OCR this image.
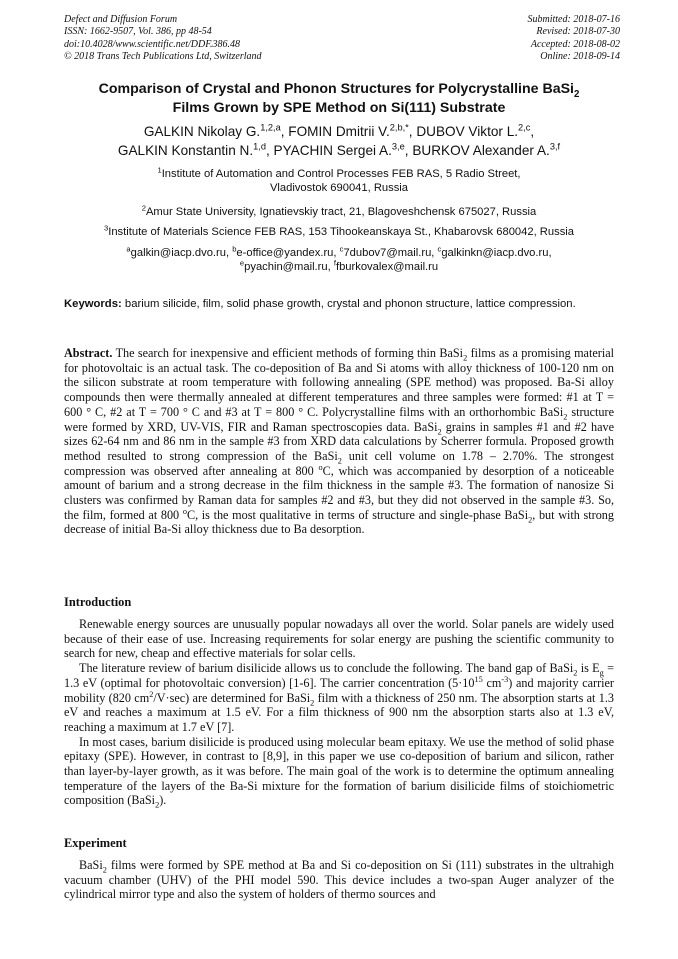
Defect and Diffusion Forum
ISSN: 1662-9507, Vol. 386, pp 48-54
doi:10.4028/www.scientific.net/DDF.386.48
© 2018 Trans Tech Publications Ltd, Switzerland
Submitted: 2018-07-16
Revised: 2018-07-30
Accepted: 2018-08-02
Online: 2018-09-14
Comparison of Crystal and Phonon Structures for Polycrystalline BaSi$_2$
Films Grown by SPE Method on Si(111) Substrate
GALKIN Nikolay G.$^{1,2,a}$, FOMIN Dmitrii V.$^{2,b,*}$, DUBOV Viktor L.$^{2,c}$,
GALKIN Konstantin N.$^{1,d}$, PYACHIN Sergei A.$^{3,e}$, BURKOV Alexander A.$^{3,f}$
$^1$Institute of Automation and Control Processes FEB RAS, 5 Radio Street,
Vladivostok 690041, Russia
$^2$Amur State University, Ignatievskiy tract, 21, Blagoveshchensk 675027, Russia
$^3$Institute of Materials Science FEB RAS, 153 Tihookeanskaya St., Khabarovsk 680042, Russia
$^a$galkin@iacp.dvo.ru, $^b$e-office@yandex.ru, $^c$7dubov7@mail.ru, $^c$galkinkn@iacp.dvo.ru,
$^e$pyachin@mail.ru, $^f$fburkovalex@mail.ru
Keywords: barium silicide, film, solid phase growth, crystal and phonon structure, lattice compression.

Abstract. The search for inexpensive and efficient methods of forming thin BaSi$_2$ films as a promising material for photovoltaic is an actual task. The co-deposition of Ba and Si atoms with alloy thickness of 100-120 nm on the silicon substrate at room temperature with following annealing (SPE method) was proposed. Ba-Si alloy compounds then were thermally annealed at different temperatures and three samples were formed: #1 at T = 600 ° C, #2 at T = 700 ° C and #3 at T = 800 ° C. Polycrystalline films with an orthorhombic BaSi$_2$ structure were formed by XRD, UV-VIS, FIR and Raman spectroscopies data. BaSi$_2$ grains in samples #1 and #2 have sizes 62-64 nm and 86 nm in the sample #3 from XRD data calculations by Scherrer formula. Proposed growth method resulted to strong compression of the BaSi$_2$ unit cell volume on 1.78 – 2.70%. The strongest compression was observed after annealing at 800 $^o$C, which was accompanied by desorption of a noticeable amount of barium and a strong decrease in the film thickness in the sample #3. The formation of nanosize Si clusters was confirmed by Raman data for samples #2 and #3, but they did not observed in the sample #3. So, the film, formed at 800 $^o$C, is the most qualitative in terms of structure and single-phase BaSi$_2$, but with strong decrease of initial Ba-Si alloy thickness due to Ba desorption.

Introduction

Renewable energy sources are unusually popular nowadays all over the world. Solar panels are widely used because of their ease of use. Increasing requirements for solar energy are pushing the scientific community to search for new, cheap and effective materials for solar cells.

The literature review of barium disilicide allows us to conclude the following. The band gap of BaSi$_2$ is $E_g = 1.3$ eV (optimal for photovoltaic conversion) [1-6]. The carrier concentration ($5\cdot 10^{15}$ $cm^{-3}$) and majority carrier mobility (820 $cm^2/V\cdot\sec$) are determined for BaSi$_2$ film with a thickness of 250 nm. The absorption starts at 1.3 eV and reaches a maximum at 1.5 eV. For a film thickness of 900 nm the absorption starts also at 1.3 eV, reaching a maximum at 1.7 eV [7].

In most cases, barium disilicide is produced using molecular beam epitaxy. We use the method of solid phase epitaxy (SPE). However, in contrast to [8,9], in this paper we use co-deposition of barium and silicon, rather than layer-by-layer growth, as it was before. The main goal of the work is to determine the optimum annealing temperature of the layers of the Ba-Si mixture for the formation of barium disilicide films of stoichiometric composition (BaSi$_2$).

Experiment

BaSi$_2$ films were formed by SPE method at Ba and Si co-deposition on Si (111) substrates in the ultrahigh vacuum chamber (UHV) of the PHI model 590. This device includes a two-span Auger analyzer of the cylindrical mirror type and also the system of holders of thermo sources and
